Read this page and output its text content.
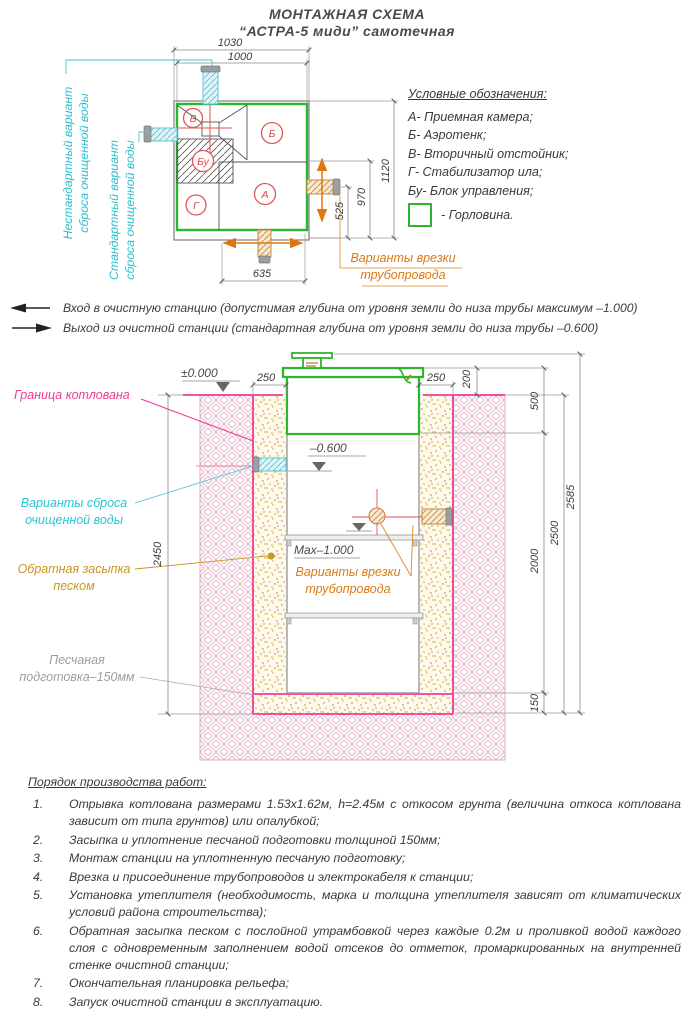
МОНТАЖНАЯ СХЕМА
“АСТРА-5 миди” самотечная
В
Б
Бу
Г
А
1030
1000
1120
970
525
635
±0.000
–0.600
Max–1.000
250	250 200
500
2000
150
2500
2585
2450
Нестандартный вариант сброса очищенной воды Стандартный вариант сброса очищенной воды
Условные обозначения:
А- Приемная камера;
Б- Аэротенк;
В- Вторичный отстойник;
Г- Стабилизатор ила;
Бу- Блок управления;
- Горловина.
Варианты врезки
трубопровода
Вход в очистную станцию (допустимая глубина от уровня земли до низа трубы максимум –1.000)
Выход из очистной станции (стандартная глубина от уровня земли до низа трубы –0.600)
Граница котлована
Варианты сброса
очищенной воды
Обратная засыпка
песком
Песчаная
подготовка–150мм
Варианты врезки
трубопровода
Порядок производства работ:
1.	Отрывка котлована размерами 1.53х1.62м, h=2.45м с откосом грунта (величина откоса котлована зависит от типа грунтов) или опалубкой;
2.	Засыпка и уплотнение песчаной подготовки толщиной 150мм;
3.	Монтаж станции на уплотненную песчаную подготовку;
4.	Врезка и присоединение трубопроводов и электрокабеля к станции;
5.	Установка утеплителя (необходимость, марка и толщина утеплителя зависят от климатических условий района строительства);
6.	Обратная засыпка песком с послойной утрамбовкой через каждые 0.2м и проливкой водой каждого слоя с одновременным заполнением водой отсеков до отметок, промаркированных на внутренней стенке очистной станции;
7.	Окончательная планировка рельефа;
8.	Запуск очистной станции в эксплуатацию.
